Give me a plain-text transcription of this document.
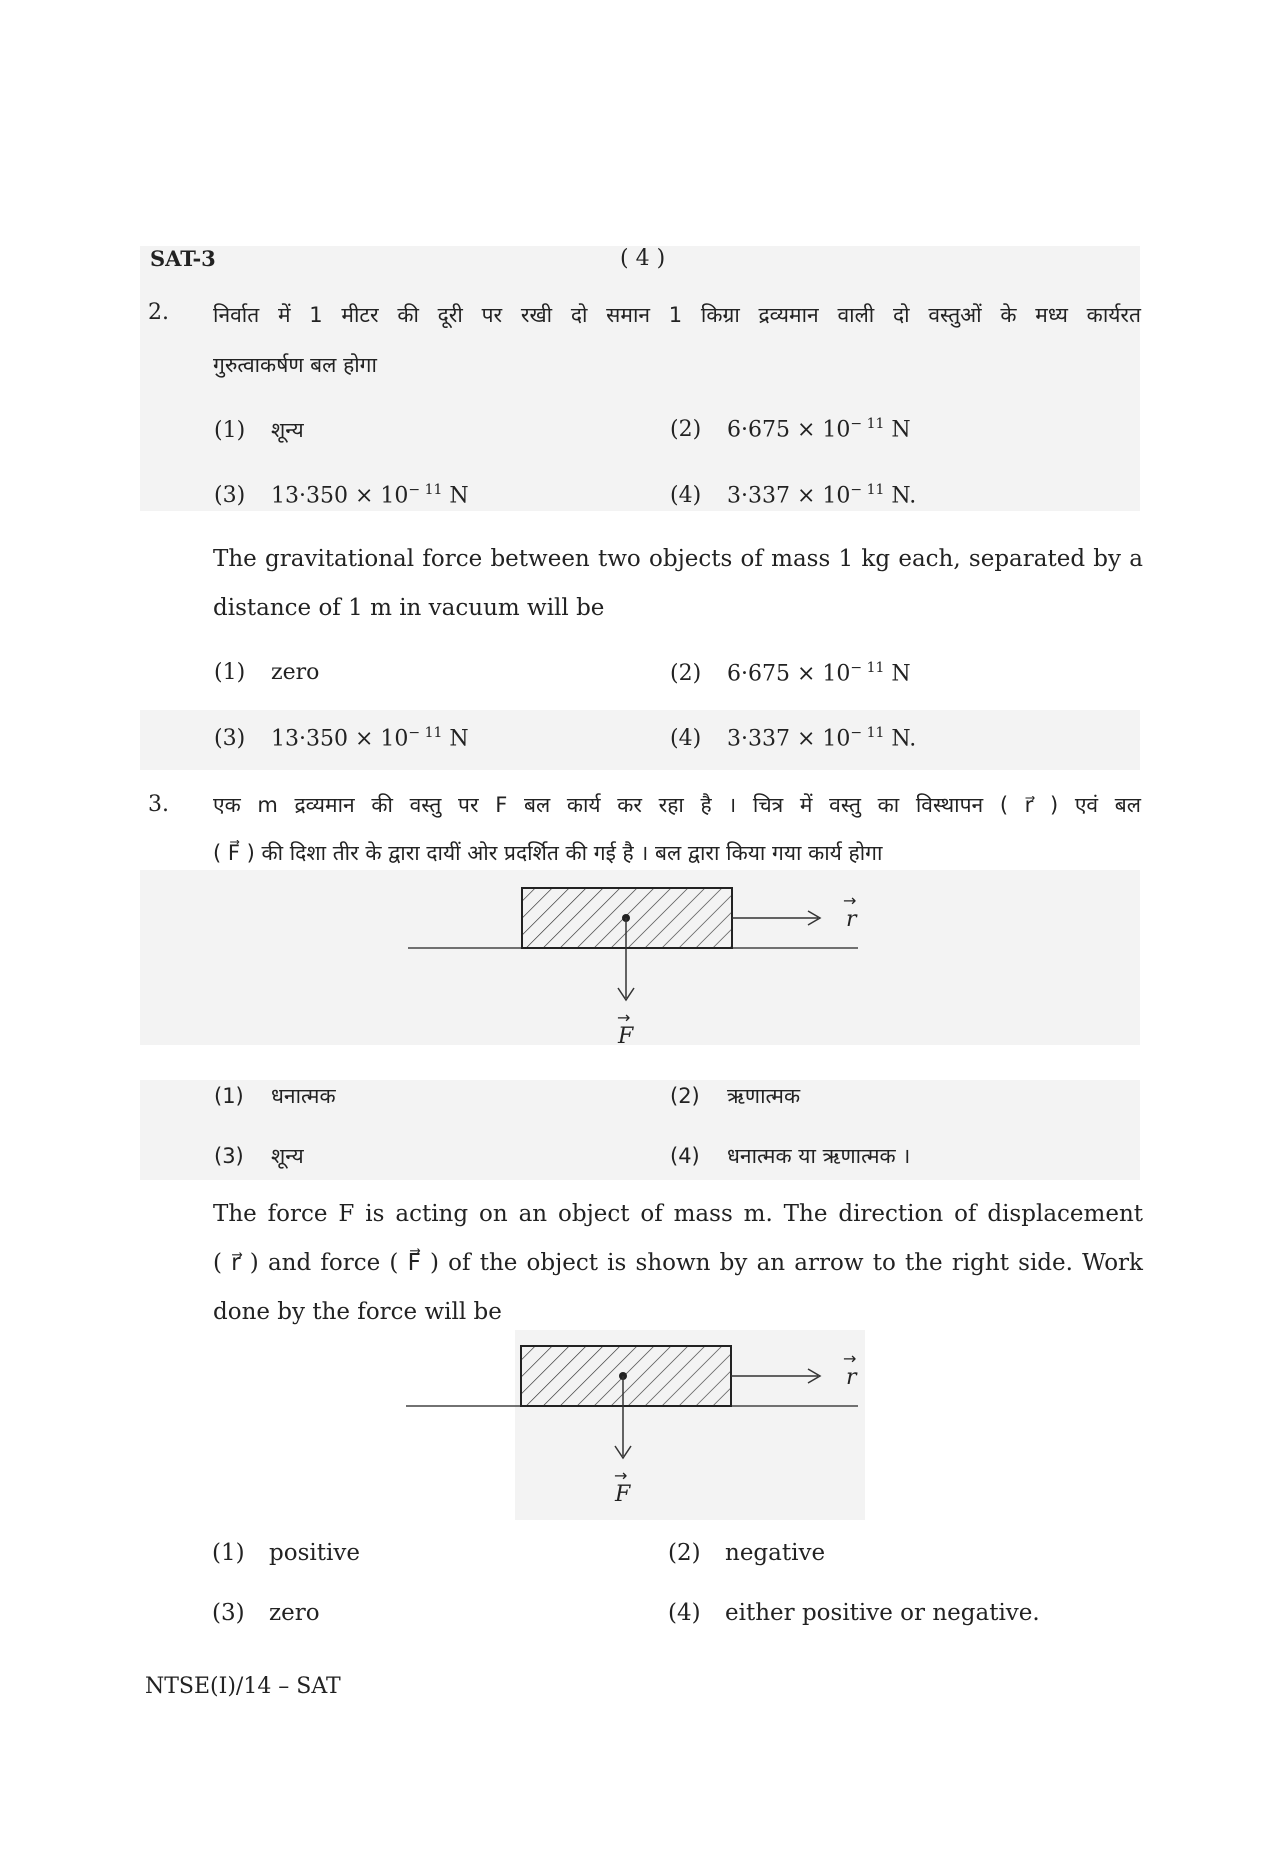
SAT-3	( 4 )
2. निर्वात में 1 मीटर की दूरी पर रखी दो समान 1 किग्रा द्रव्यमान वाली दो वस्तुओं के मध्य कार्यरत
गुरुत्वाकर्षण बल होगा
(1) शून्य	(2) $6\cdot 675 \times 10^{- 11}$ N
(3) $13\cdot 350 \times 10^{- 11}$ N	(4) $3\cdot 337 \times 10^{- 11}$ N.
The gravitational force between two objects of mass 1 kg each, separated by a
distance of 1 m in vacuum will be
(1) zero	(2) $6\cdot 675 \times 10^{- 11}$ N
(3) $13\cdot 350 \times 10^{- 11}$ N	(4) $3\cdot 337 \times 10^{- 11}$ N.
3. एक m द्रव्यमान की वस्तु पर F बल कार्य कर रहा है । चित्र में वस्तु का विस्थापन ( r⃗ ) एवं बल
( F⃗ ) की दिशा तीर के द्वारा दायीं ओर प्रदर्शित की गई है । बल द्वारा किया गया कार्य होगा
r
→
F
→
(1) धनात्मक	(2) ऋणात्मक
(3) शून्य	(4) धनात्मक या ऋणात्मक ।
The force F is acting on an object of mass m. The direction of displacement
( r⃗ ) and force ( F⃗ ) of the object is shown by an arrow to the right side. Work
done by the force will be
r
→
F
→
(1) positive	(2) negative
(3) zero	(4) either positive or negative.
NTSE(I)/14 – SAT
